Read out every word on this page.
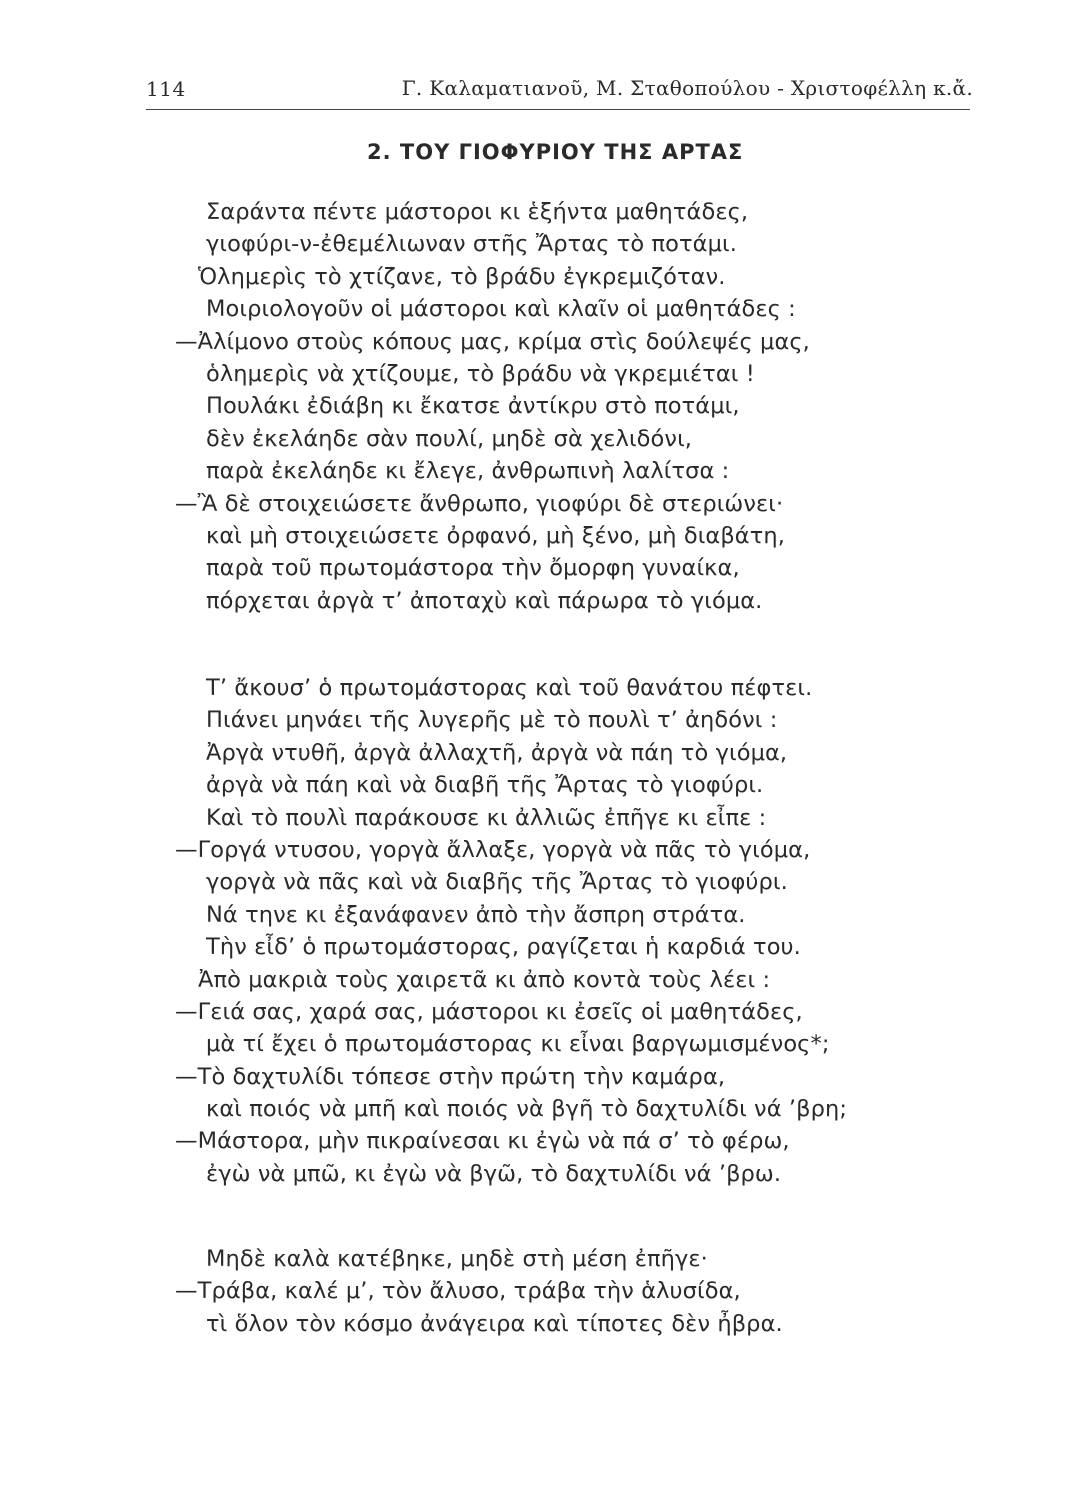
114	Γ. Καλαματιανοῦ, Μ. Σταθοπούλου - Χριστοφέλλη κ.ἄ.
2. ΤΟΥ ΓΙΟΦΥΡΙΟΥ ΤΗΣ ΑΡΤΑΣ
Σαράντα πέντε μάστοροι κι ἑξήντα μαθητάδες,
γιοφύρι-ν-ἐθεμέλιωναν στῆς Ἄρτας τὸ ποτάμι.
Ὁλημερὶς τὸ χτίζανε, τὸ βράδυ ἐγκρεμιζόταν.
Μοιριολογοῦν οἱ μάστοροι καὶ κλαῖν οἱ μαθητάδες :
—Ἀλίμονο στοὺς κόπους μας, κρίμα στὶς δούλεψές μας,
ὁλημερὶς νὰ χτίζουμε, τὸ βράδυ νὰ γκρεμιέται !
Πουλάκι ἐδιάβη κι ἔκατσε ἀντίκρυ στὸ ποτάμι,
δὲν ἐκελάηδε σὰν πουλί, μηδὲ σὰ χελιδόνι,
παρὰ ἐκελάηδε κι ἔλεγε, ἀνθρωπινὴ λαλίτσα :
—Ἂ δὲ στοιχειώσετε ἄνθρωπο, γιοφύρι δὲ στεριώνει·
καὶ μὴ στοιχειώσετε ὀρφανό, μὴ ξένο, μὴ διαβάτη,
παρὰ τοῦ πρωτομάστορα τὴν ὄμορφη γυναίκα,
πόρχεται ἀργὰ τ’ ἀποταχὺ καὶ πάρωρα τὸ γιόμα.
Τ’ ἄκουσ’ ὁ πρωτομάστορας καὶ τοῦ θανάτου πέφτει.
Πιάνει μηνάει τῆς λυγερῆς μὲ τὸ πουλὶ τ’ ἀηδόνι :
Ἀργὰ ντυθῆ, ἀργὰ ἀλλαχτῆ, ἀργὰ νὰ πάη τὸ γιόμα,
ἀργὰ νὰ πάη καὶ νὰ διαβῆ τῆς Ἄρτας τὸ γιοφύρι.
Καὶ τὸ πουλὶ παράκουσε κι ἀλλιῶς ἐπῆγε κι εἶπε :
—Γοργά ντυσου, γοργὰ ἄλλαξε, γοργὰ νὰ πᾶς τὸ γιόμα,
γοργὰ νὰ πᾶς καὶ νὰ διαβῆς τῆς Ἄρτας τὸ γιοφύρι.
Νά τηνε κι ἐξανάφανεν ἀπὸ τὴν ἄσπρη στράτα.
Τὴν εἶδ’ ὁ πρωτομάστορας, ραγίζεται ἡ καρδιά του.
Ἀπὸ μακριὰ τοὺς χαιρετᾶ κι ἀπὸ κοντὰ τοὺς λέει :
—Γειά σας, χαρά σας, μάστοροι κι ἐσεῖς οἱ μαθητάδες,
μὰ τί ἔχει ὁ πρωτομάστορας κι εἶναι βαργωμισμένος*;
—Τὸ δαχτυλίδι τόπεσε στὴν πρώτη τὴν καμάρα,
καὶ ποιός νὰ μπῆ καὶ ποιός νὰ βγῆ τὸ δαχτυλίδι νά ’βρη;
—Μάστορα, μὴν πικραίνεσαι κι ἐγὼ νὰ πά σ’ τὸ φέρω,
ἐγὼ νὰ μπῶ, κι ἐγὼ νὰ βγῶ, τὸ δαχτυλίδι νά ’βρω.
Μηδὲ καλὰ κατέβηκε, μηδὲ στὴ μέση ἐπῆγε·
—Τράβα, καλέ μ’, τὸν ἄλυσο, τράβα τὴν ἁλυσίδα,
τὶ ὅλον τὸν κόσμο ἀνάγειρα καὶ τίποτες δὲν ἦβρα.
